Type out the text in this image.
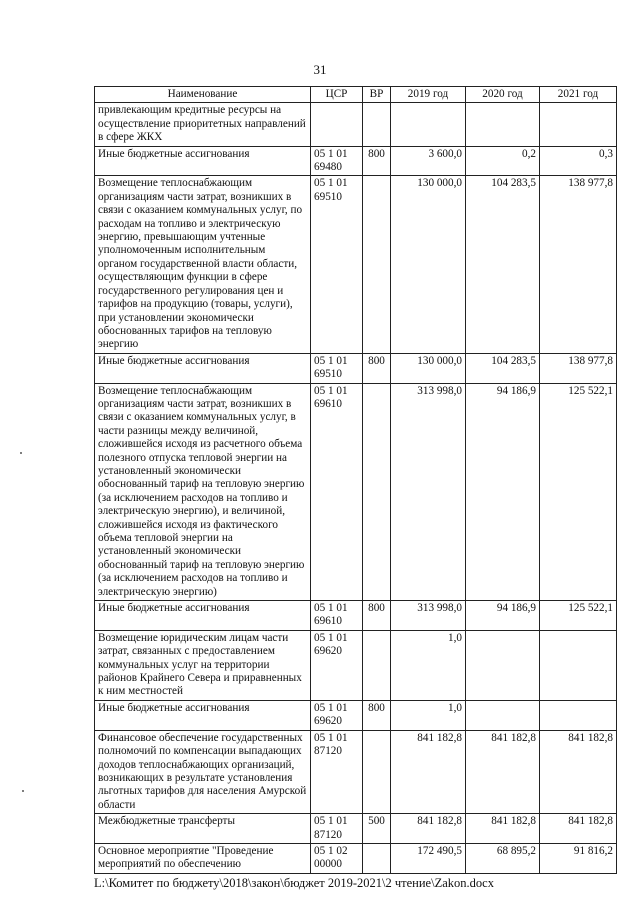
31
Наименование	ЦСР	ВР	2019 год	2020 год	2021 год
привлекающим кредитные ресурсы на осуществление приоритетных направлений в сфере ЖКХ					
Иные бюджетные ассигнования	05 1 01 69480	800	3 600,0	0,2	0,3
Возмещение теплоснабжающим организациям части затрат, возникших в связи с оказанием коммунальных услуг, по расходам на топливо и электрическую энергию, превышающим учтенные уполномоченным исполнительным органом государственной власти области, осуществляющим функции в сфере государственного регулирования цен и тарифов на продукцию (товары, услуги), при установлении экономически обоснованных тарифов на тепловую энергию	05 1 01 69510		130 000,0	104 283,5	138 977,8
Иные бюджетные ассигнования	05 1 01 69510	800	130 000,0	104 283,5	138 977,8
Возмещение теплоснабжающим организациям части затрат, возникших в связи с оказанием коммунальных услуг, в части разницы между величиной, сложившейся исходя из расчетного объема полезного отпуска тепловой энергии на установленный экономически обоснованный тариф на тепловую энергию (за исключением расходов на топливо и электрическую энергию), и величиной, сложившейся исходя из фактического объема тепловой энергии на установленный экономически обоснованный тариф на тепловую энергию (за исключением расходов на топливо и электрическую энергию)	05 1 01 69610		313 998,0	94 186,9	125 522,1
Иные бюджетные ассигнования	05 1 01 69610	800	313 998,0	94 186,9	125 522,1
Возмещение юридическим лицам части затрат, связанных с предоставлением коммунальных услуг на территории районов Крайнего Севера и приравненных к ним местностей	05 1 01 69620		1,0		
Иные бюджетные ассигнования	05 1 01 69620	800	1,0		
Финансовое обеспечение государственных полномочий по компенсации выпадающих доходов теплоснабжающих организаций, возникающих в результате установления льготных тарифов для населения Амурской области	05 1 01 87120		841 182,8	841 182,8	841 182,8
Межбюджетные трансферты	05 1 01 87120	500	841 182,8	841 182,8	841 182,8
Основное мероприятие "Проведение мероприятий по обеспечению	05 1 02 00000		172 490,5	68 895,2	91 816,2
L:\Комитет по бюджету\2018\закон\бюджет 2019-2021\2 чтение\Zakon.docx
